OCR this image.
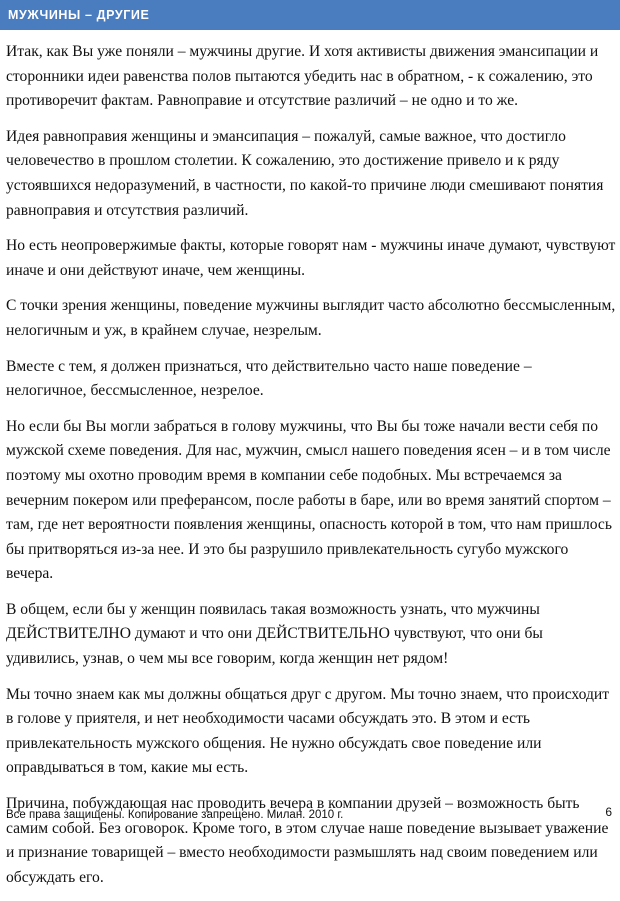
МУЖЧИНЫ – ДРУГИЕ

Итак, как Вы уже поняли – мужчины другие. И хотя активисты движения эмансипации и сторонники идеи равенства полов пытаются убедить нас в обратном, - к сожалению, это противоречит фактам. Равноправие и отсутствие различий – не одно и то же.

Идея равноправия женщины и эмансипация – пожалуй, самые важное, что достигло человечество в прошлом столетии. К сожалению, это достижение привело и к ряду устоявшихся недоразумений, в частности, по какой-то причине люди смешивают понятия равноправия и отсутствия различий.

Но есть неопровержимые факты, которые говорят нам - мужчины иначе думают, чувствуют иначе и они действуют иначе, чем женщины.

С точки зрения женщины, поведение мужчины выглядит часто абсолютно бессмысленным, нелогичным и уж, в крайнем случае, незрелым.

Вместе с тем, я должен признаться, что действительно часто наше поведение – нелогичное, бессмысленное, незрелое.

Но если бы Вы могли забраться в голову мужчины, что Вы бы тоже начали вести себя по мужской схеме поведения. Для нас, мужчин, смысл нашего поведения ясен – и в том числе поэтому мы охотно проводим время в компании себе подобных. Мы встречаемся за вечерним покером или преферансом, после работы в баре, или во время занятий спортом – там, где нет вероятности появления женщины, опасность которой в том, что нам пришлось бы притворяться из-за нее. И это бы разрушило привлекательность сугубо мужского вечера.

В общем, если бы у женщин появилась такая возможность узнать, что мужчины ДЕЙСТВИТЕЛНО думают и что они ДЕЙСТВИТЕЛЬНО чувствуют, что они бы удивились, узнав, о чем мы все говорим, когда женщин нет рядом!

Мы точно знаем как мы должны общаться друг с другом. Мы точно знаем, что происходит в голове у приятеля, и нет необходимости часами обсуждать это. В этом и есть привлекательность мужского общения. Не нужно обсуждать свое поведение или оправдываться в том, какие мы есть.

Причина, побуждающая нас проводить вечера в компании друзей – возможность быть самим собой. Без оговорок. Кроме того, в этом случае наше поведение вызывает уважение и признание товарищей – вместо необходимости размышлять над своим поведением или обсуждать его.

Все права защищены. Копирование запрещено. Милан. 2010 г.	6
